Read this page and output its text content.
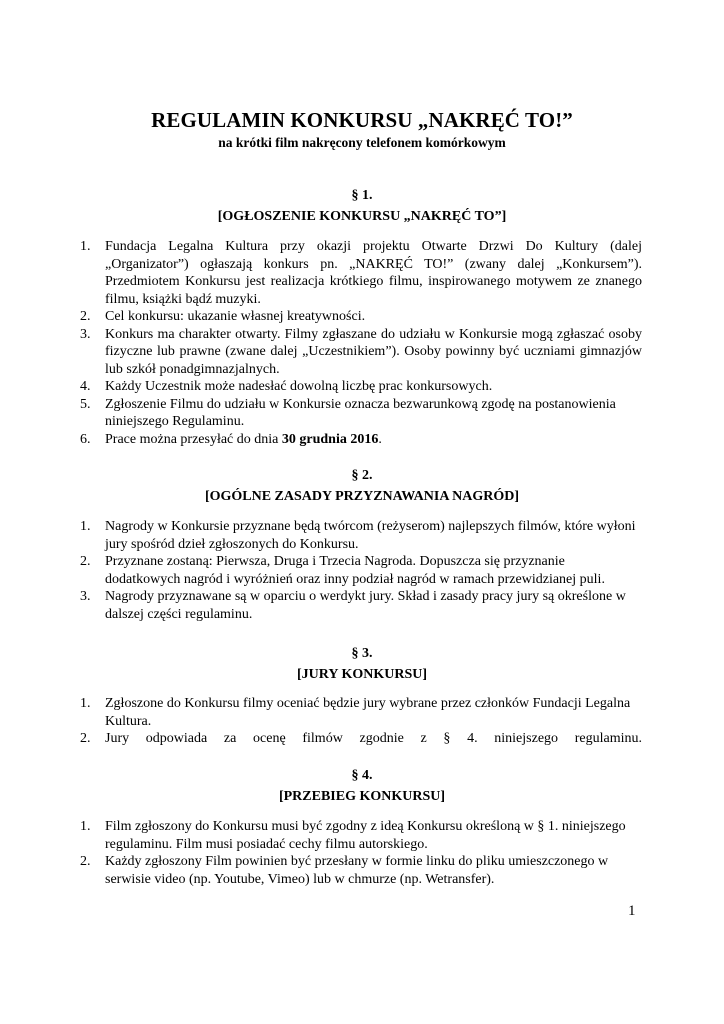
REGULAMIN KONKURSU „NAKRĘĆ TO!”
na krótki film nakręcony telefonem komórkowym
§ 1.
[OGŁOSZENIE KONKURSU „NAKRĘĆ TO”]
1. Fundacja Legalna Kultura przy okazji projektu Otwarte Drzwi Do Kultury (dalej „Organizator”) ogłaszają konkurs pn. „NAKRĘĆ TO!” (zwany dalej „Konkursem”). Przedmiotem Konkursu jest realizacja krótkiego filmu, inspirowanego motywem ze znanego filmu, książki bądź muzyki.
2. Cel konkursu: ukazanie własnej kreatywności.
3. Konkurs ma charakter otwarty. Filmy zgłaszane do udziału w Konkursie mogą zgłaszać osoby fizyczne lub prawne (zwane dalej „Uczestnikiem”). Osoby powinny być uczniami gimnazjów lub szkół ponadgimnazjalnych.
4. Każdy Uczestnik może nadesłać dowolną liczbę prac konkursowych.
5. Zgłoszenie Filmu do udziału w Konkursie oznacza bezwarunkową zgodę na postanowienia niniejszego Regulaminu.
6. Prace można przesyłać do dnia 30 grudnia 2016.
§ 2.
[OGÓLNE ZASADY PRZYZNAWANIA NAGRÓD]
1. Nagrody w Konkursie przyznane będą twórcom (reżyserom) najlepszych filmów, które wyłoni jury spośród dzieł zgłoszonych do Konkursu.
2. Przyznane zostaną: Pierwsza, Druga i Trzecia Nagroda. Dopuszcza się przyznanie dodatkowych nagród i wyróżnień oraz inny podział nagród w ramach przewidzianej puli.
3. Nagrody przyznawane są w oparciu o werdykt jury. Skład i zasady pracy jury są określone w dalszej części regulaminu.
§ 3.
[JURY KONKURSU]
1. Zgłoszone do Konkursu filmy oceniać będzie jury wybrane przez członków Fundacji Legalna Kultura.
2. Jury odpowiada za ocenę filmów zgodnie z § 4. niniejszego regulaminu.
§ 4.
[PRZEBIEG KONKURSU]
1. Film zgłoszony do Konkursu musi być zgodny z ideą Konkursu określoną w § 1. niniejszego regulaminu. Film musi posiadać cechy filmu autorskiego.
2. Każdy zgłoszony Film powinien być przesłany w formie linku do pliku umieszczonego w serwisie video (np. Youtube, Vimeo) lub w chmurze (np. Wetransfer).
1
